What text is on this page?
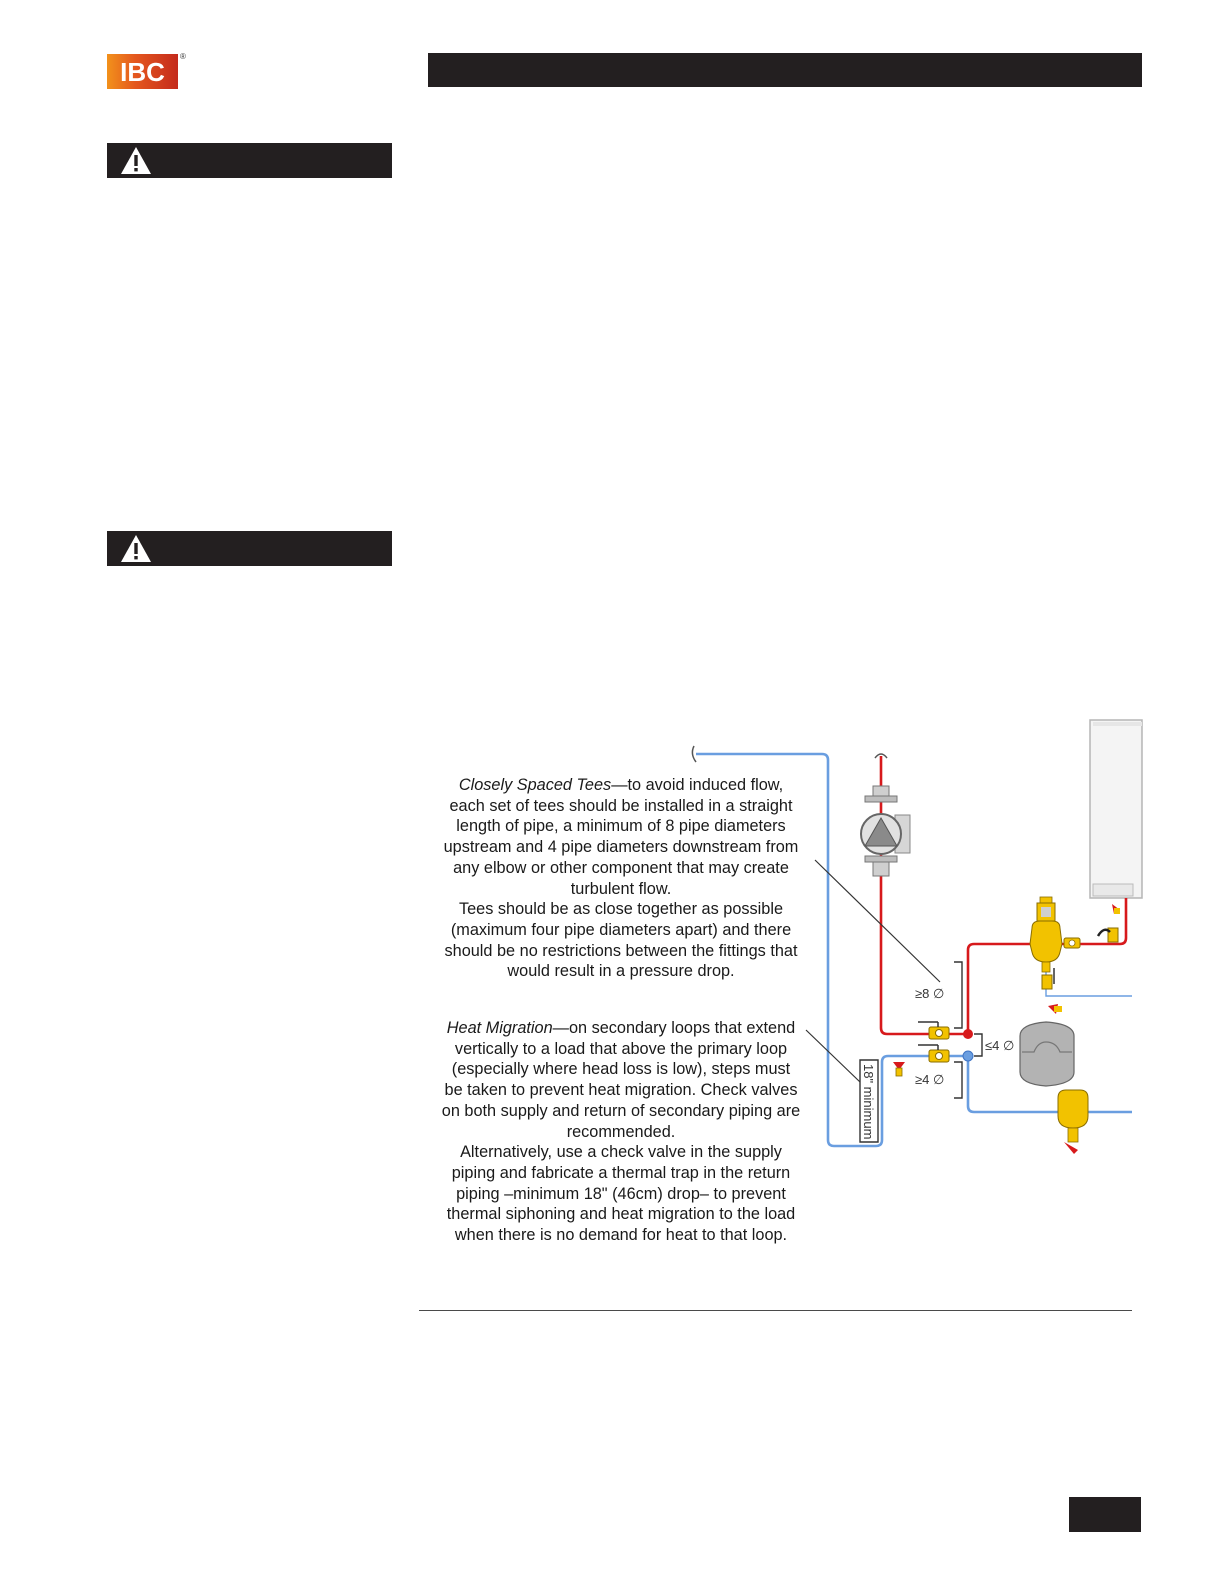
IBC ®
≥8 ∅
≤4 ∅
≥4 ∅
18" minimum

Closely Spaced Tees—to avoid induced flow,

each set of tees should be installed in a straight

length of pipe, a minimum of 8 pipe diameters

upstream and 4 pipe diameters downstream from

any elbow or other component that may create

turbulent flow.

Tees should be as close together as possible

(maximum four pipe diameters apart) and there

should be no restrictions between the fittings that

would result in a pressure drop.

Heat Migration—on secondary loops that extend

vertically to a load that above the primary loop

(especially where head loss is low), steps must

be taken to prevent heat migration. Check valves

on both supply and return of secondary piping are

recommended.

Alternatively, use a check valve in the supply

piping and fabricate a thermal trap in the return

piping –minimum 18" (46cm) drop– to prevent

thermal siphoning and heat migration to the load

when there is no demand for heat to that loop.
